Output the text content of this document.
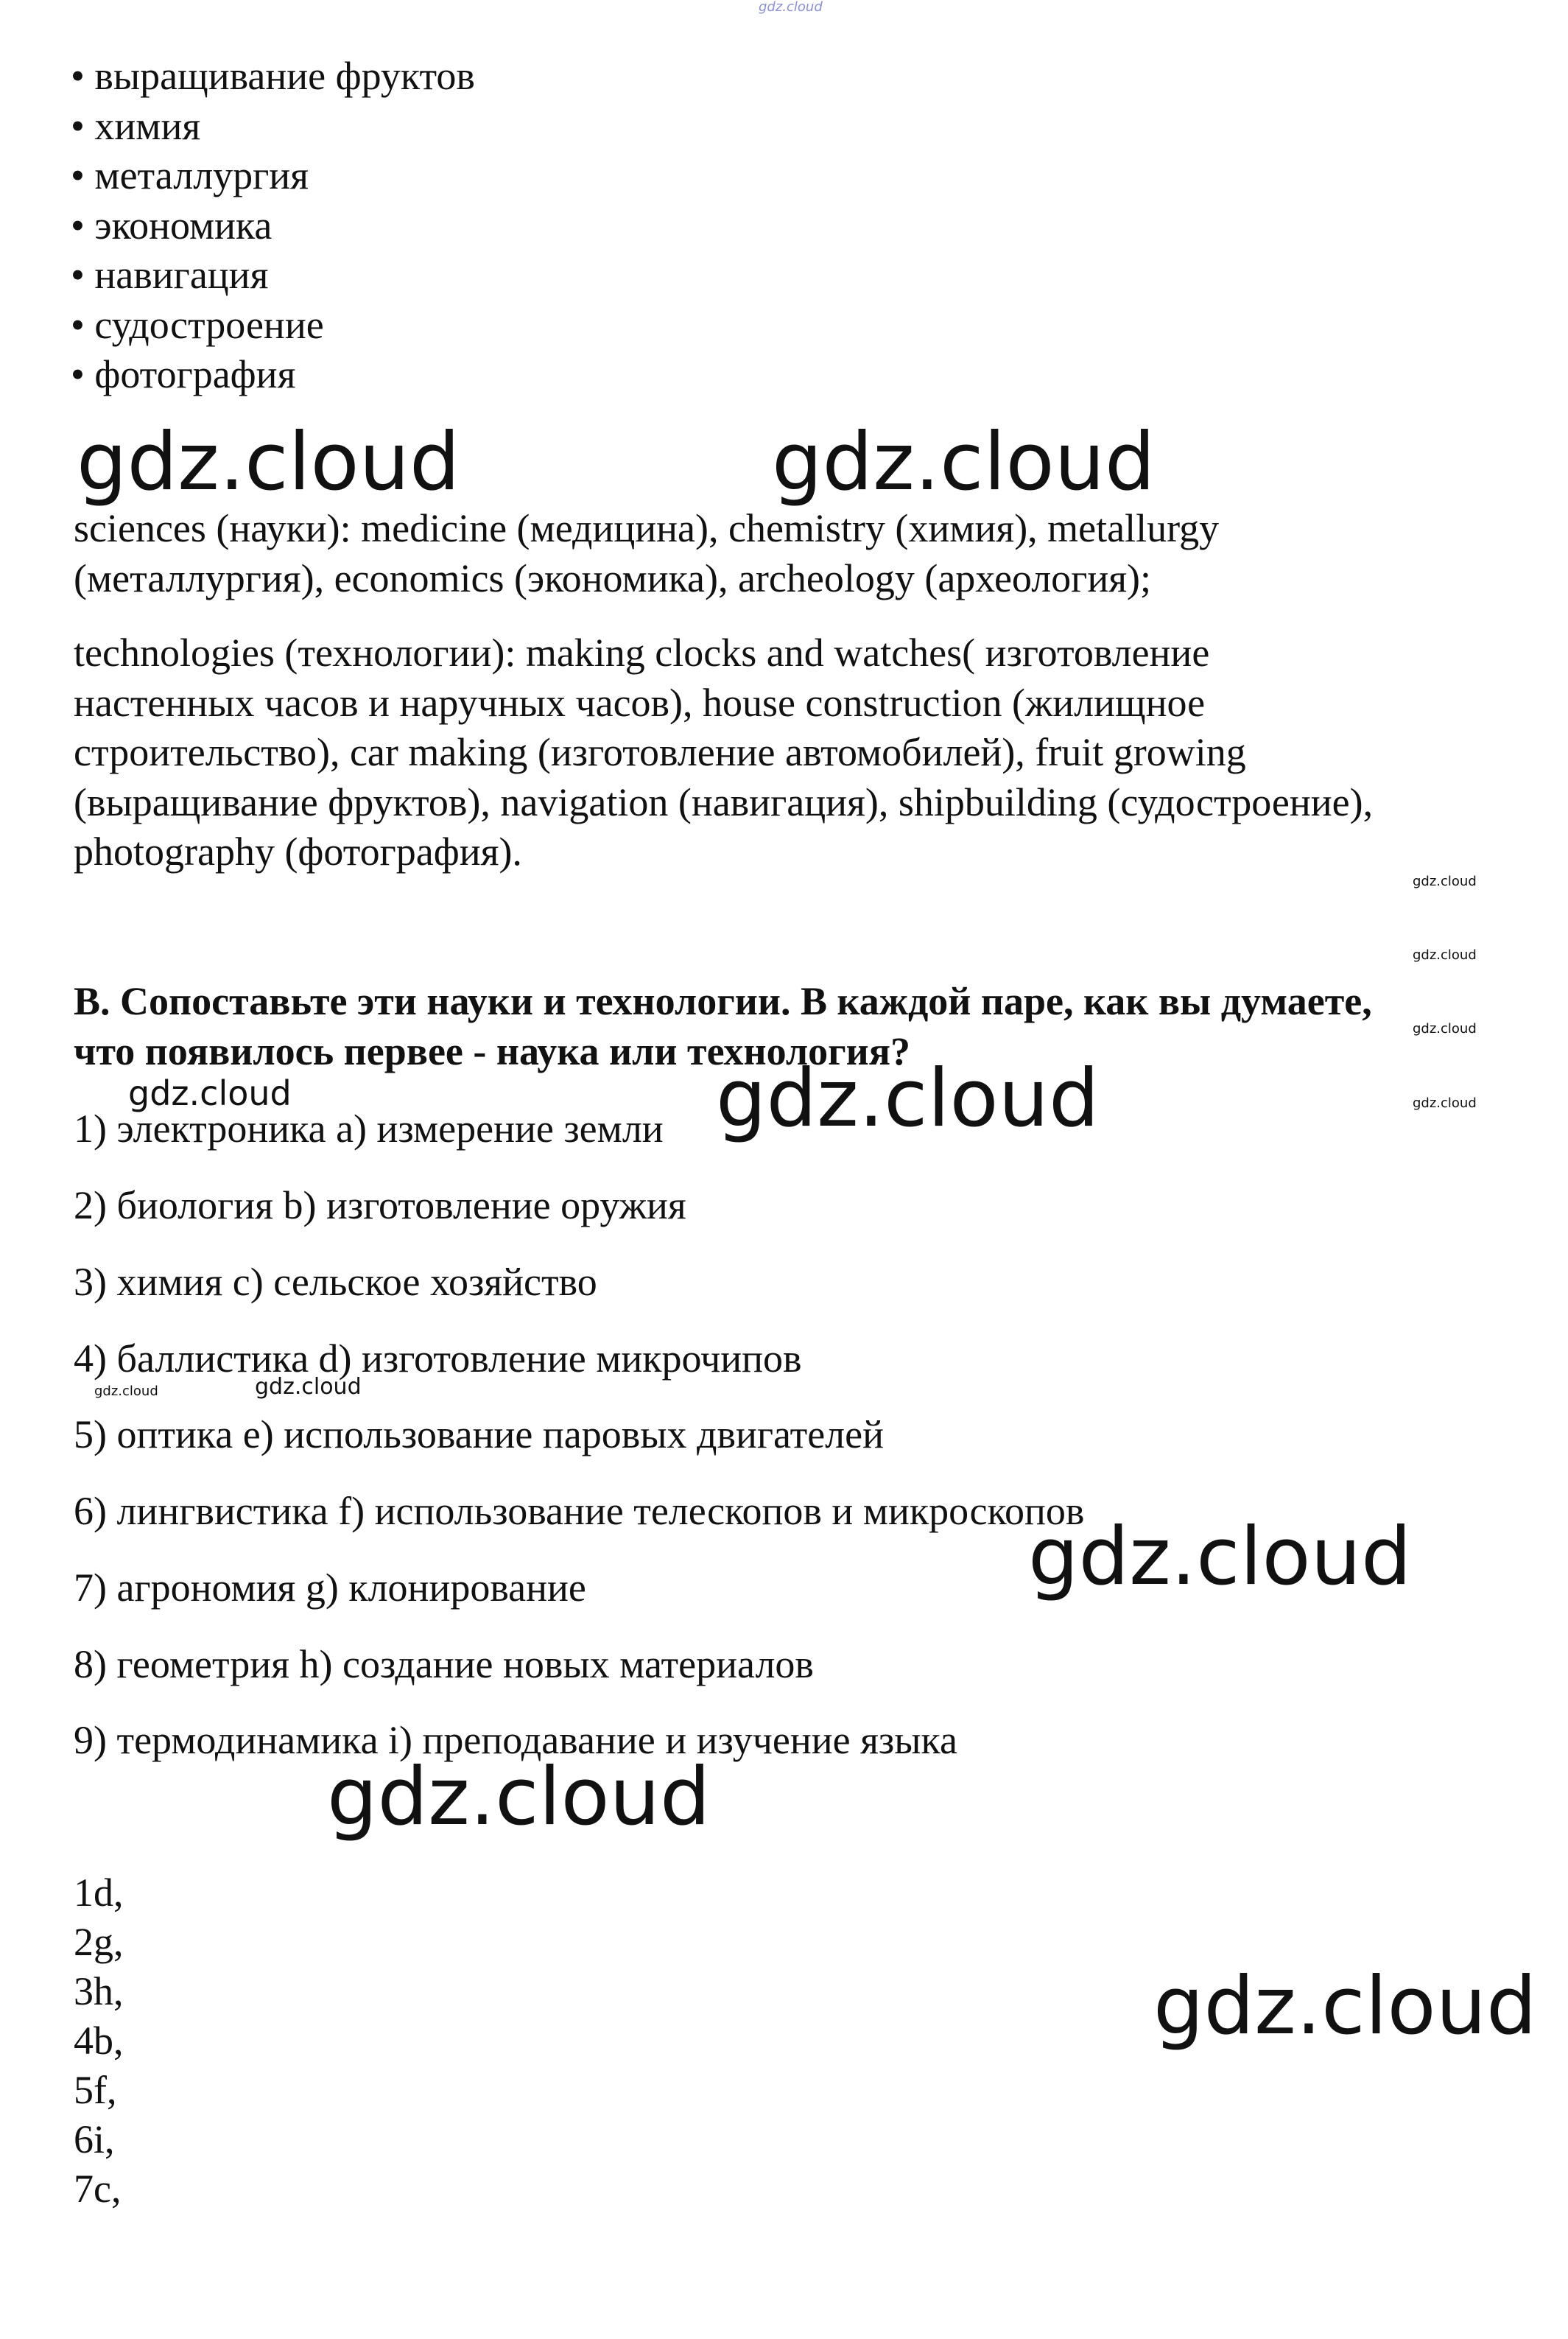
gdz.cloud
• выращивание фруктов
• химия
• металлургия
• экономика
• навигация
• судостроение
• фотография
gdz.cloud	gdz.cloud
sciences (науки): medicine (медицина), chemistry (химия), metallurgy
(металлургия), economics (экономика), archeology (археология);
technologies (технологии): making clocks and watches( изготовление
настенных часов и наручных часов), house construction (жилищное
строительство), car making (изготовление автомобилей), fruit growing
(выращивание фруктов), navigation (навигация), shipbuilding (судостроение),
photography (фотография).
gdz.cloud
gdz.cloud
gdz.cloud
gdz.cloud
B. Сопоставьте эти науки и технологии. В каждой паре, как вы думаете,
что появилось первее - наука или технология?
1) электроника a) измерение земли
2) биология b) изготовление оружия
3) химия c) сельское хозяйство
4) баллистика d) изготовление микрочипов
5) оптика e) использование паровых двигателей
6) лингвистика f) использование телескопов и микроскопов
7) агрономия g) клонирование
8) геометрия h) создание новых материалов
9) термодинамика i) преподавание и изучение языка
gdz.cloud	gdz.cloud
gdz.cloud	gdz.cloud
gdz.cloud
gdz.cloud
1d,
2g,
3h,
4b,
5f,
6i,
7c,
gdz.cloud
